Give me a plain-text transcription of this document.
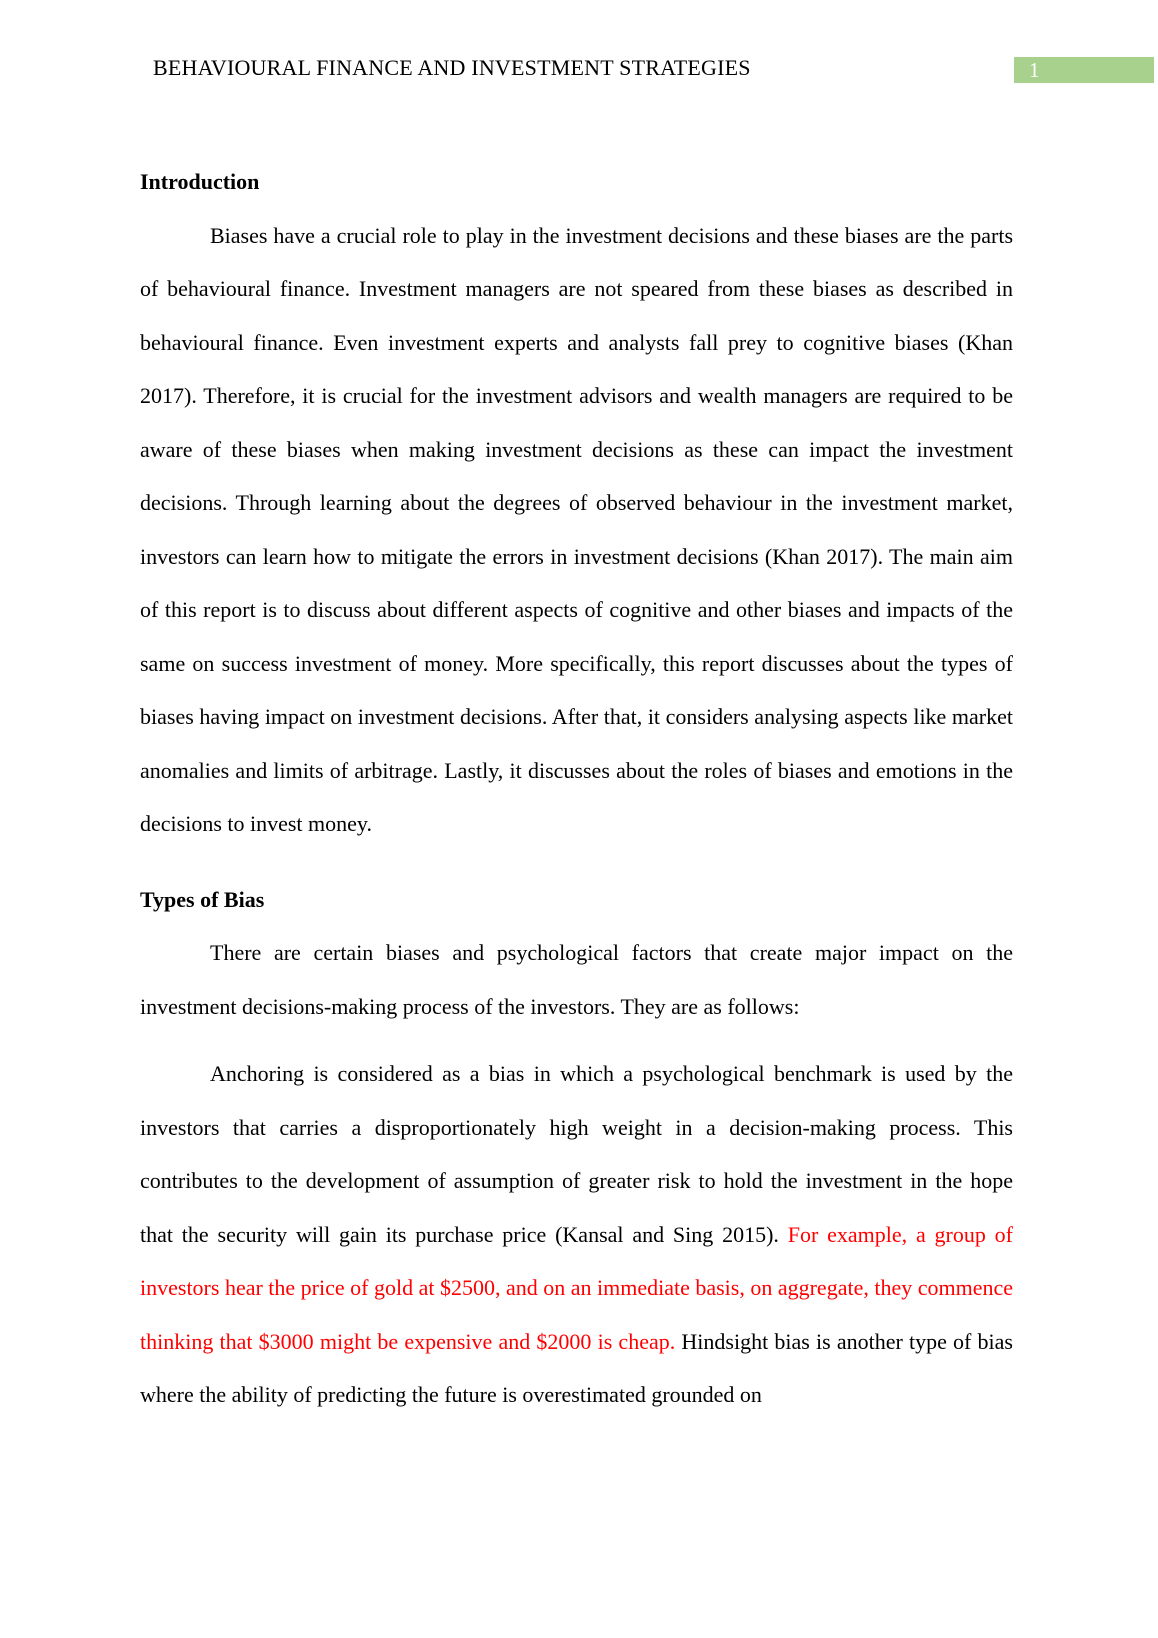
BEHAVIOURAL FINANCE AND INVESTMENT STRATEGIES	1

Introduction

Biases have a crucial role to play in the investment decisions and these biases are the parts of behavioural finance. Investment managers are not speared from these biases as described in behavioural finance. Even investment experts and analysts fall prey to cognitive biases (Khan 2017). Therefore, it is crucial for the investment advisors and wealth managers are required to be aware of these biases when making investment decisions as these can impact the investment decisions. Through learning about the degrees of observed behaviour in the investment market, investors can learn how to mitigate the errors in investment decisions (Khan 2017). The main aim of this report is to discuss about different aspects of cognitive and other biases and impacts of the same on success investment of money. More specifically, this report discusses about the types of biases having impact on investment decisions. After that, it considers analysing aspects like market anomalies and limits of arbitrage. Lastly, it discusses about the roles of biases and emotions in the decisions to invest money.

Types of Bias

There are certain biases and psychological factors that create major impact on the investment decisions-making process of the investors. They are as follows:

Anchoring is considered as a bias in which a psychological benchmark is used by the investors that carries a disproportionately high weight in a decision-making process. This contributes to the development of assumption of greater risk to hold the investment in the hope that the security will gain its purchase price (Kansal and Sing 2015). For example, a group of investors hear the price of gold at $2500, and on an immediate basis, on aggregate, they commence thinking that $3000 might be expensive and $2000 is cheap. Hindsight bias is another type of bias where the ability of predicting the future is overestimated grounded on
